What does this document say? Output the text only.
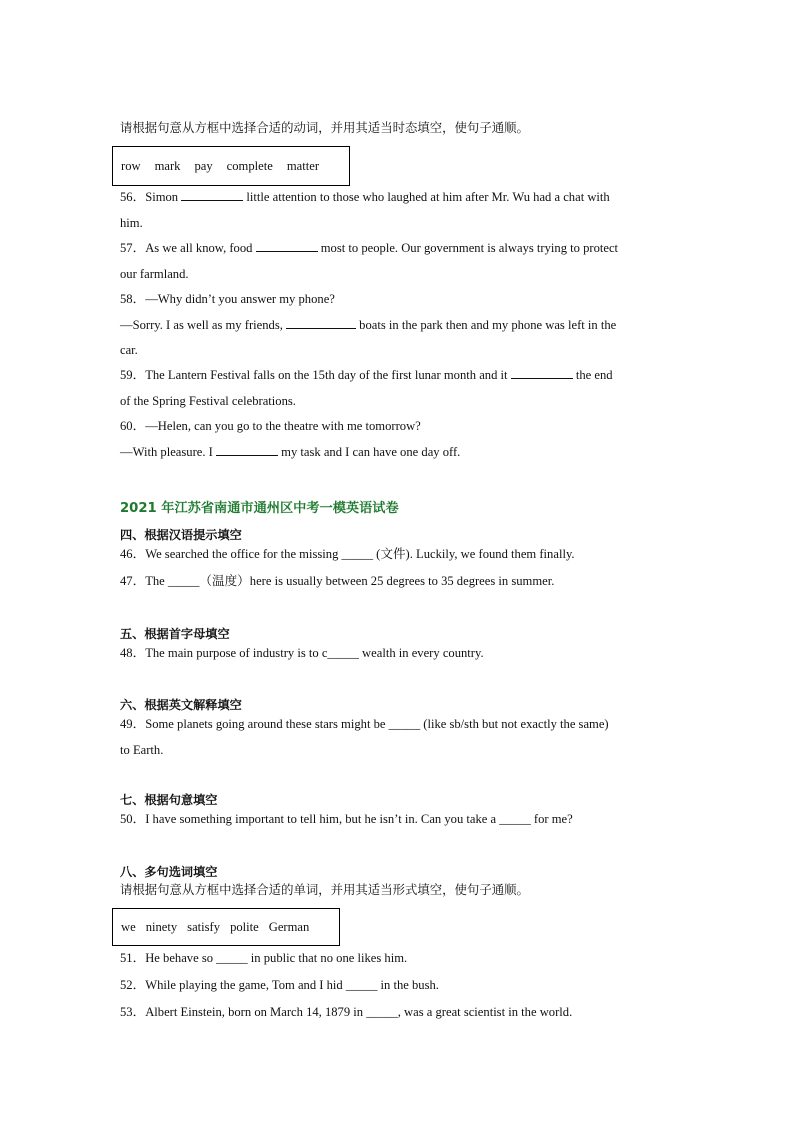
请根据句意从方框中选择合适的动词，并用其适当时态填空，使句子通顺。
row mark pay complete matter
56．Simon	little attention to those who laughed at him after Mr. Wu had a chat with
him.
57．As we all know, food	most to people. Our government is always trying to protect
our farmland.
58．—Why didn’t you answer my phone?
—Sorry. I as well as my friends,	boats in the park then and my phone was left in the
car.
59．The Lantern Festival falls on the 15th day of the first lunar month and it	the end
of the Spring Festival celebrations.
60．—Helen, can you go to the theatre with me tomorrow?
—With pleasure. I	my task and I can have one day off.
2021 年江苏省南通市通州区中考一模英语试卷
四、根据汉语提示填空
46．We searched the office for the missing _____ (文件). Luckily, we found them finally.
47．The _____（温度）here is usually between 25 degrees to 35 degrees in summer.
五、根据首字母填空
48．The main purpose of industry is to c_____ wealth in every country.
六、根据英文解释填空
49．Some planets going around these stars might be _____ (like sb/sth but not exactly the same)
to Earth.
七、根据句意填空
50．I have something important to tell him, but he isn’t in. Can you take a _____ for me?
八、多句选词填空
请根据句意从方框中选择合适的单词，并用其适当形式填空，使句子通顺。
we ninety satisfy polite German
51．He behave so _____ in public that no one likes him.
52．While playing the game, Tom and I hid _____ in the bush.
53．Albert Einstein, born on March 14, 1879 in _____, was a great scientist in the world.
